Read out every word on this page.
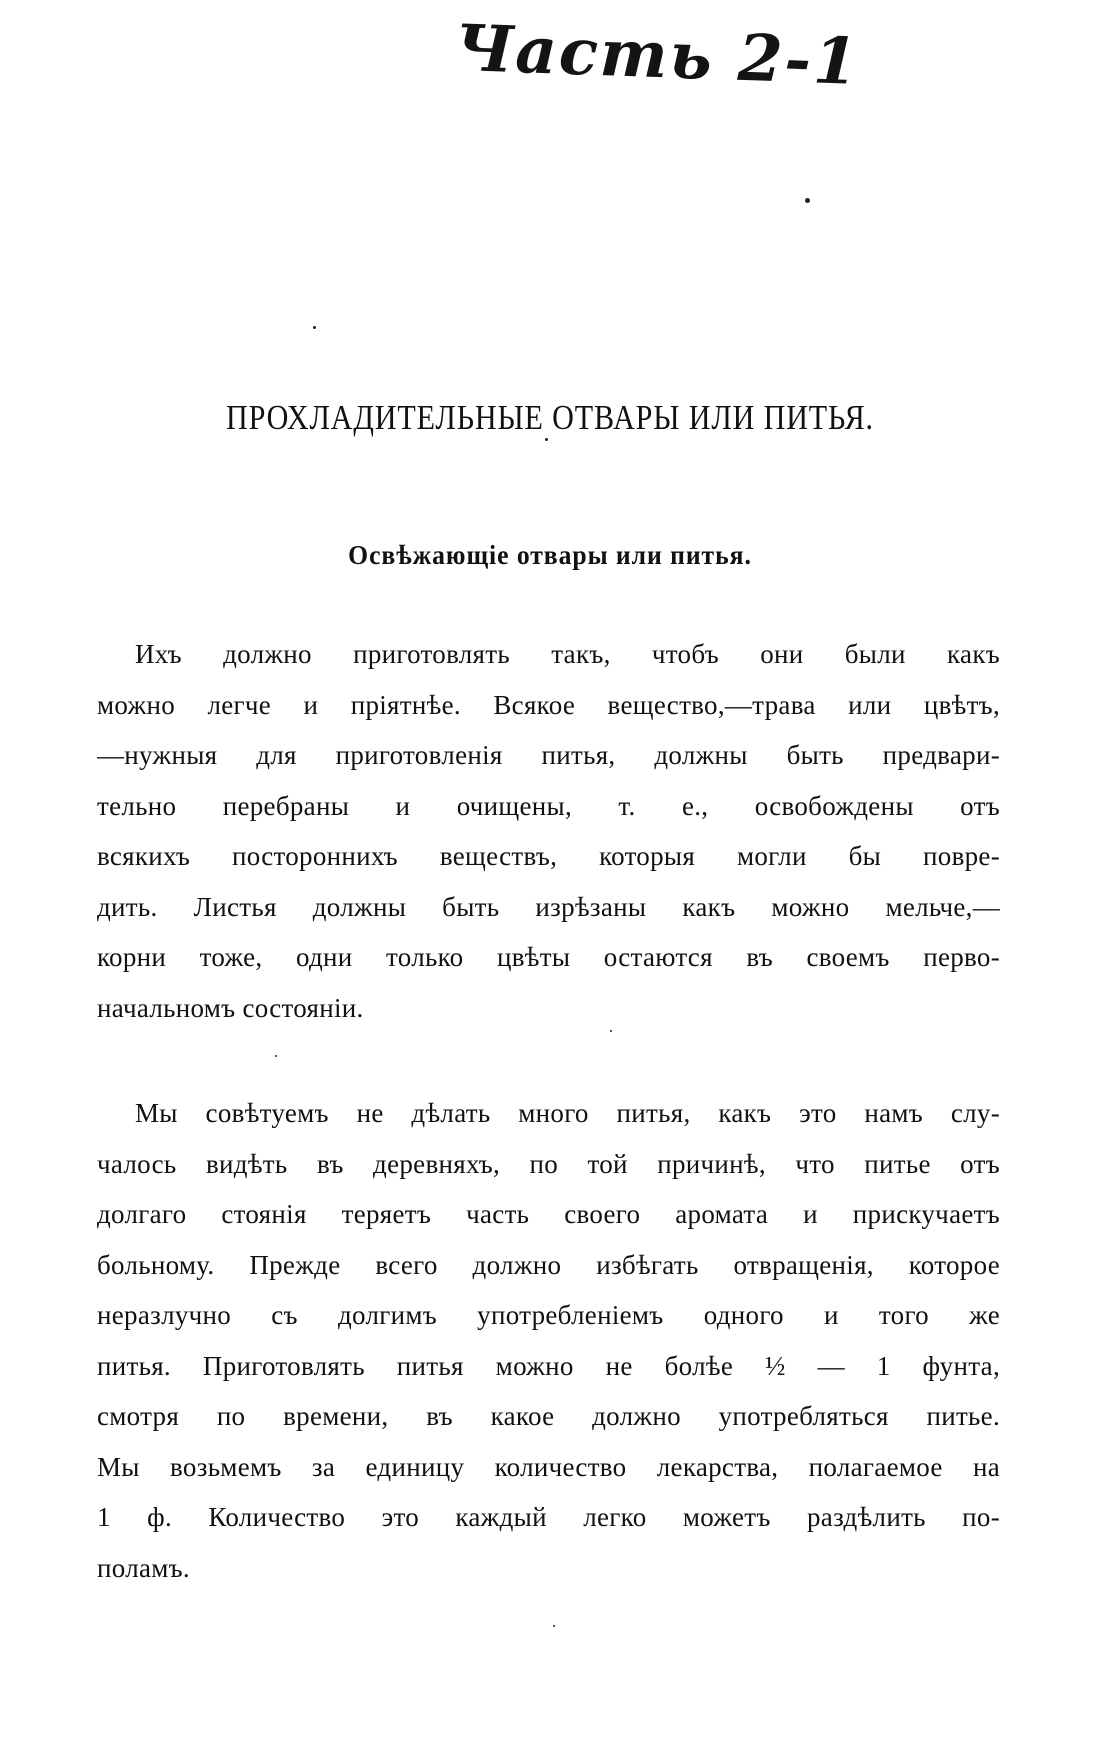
Часть 2-1
ПРОХЛАДИТЕЛЬНЫЕ ОТВАРЫ ИЛИ ПИТЬЯ.
Освѣжающіе отвары или питья.
Ихъ должно приготовлять такъ, чтобъ они были какъ
можно легче и пріятнѣе. Всякое вещество,—трава или цвѣтъ,
—нужныя для приготовленія питья, должны быть предвари-
тельно перебраны и очищены, т. е., освобождены отъ
всякихъ постороннихъ веществъ, которыя могли бы повре-
дить. Листья должны быть изрѣзаны какъ можно мельче,—
корни тоже, одни только цвѣты остаются въ своемъ перво-
начальномъ состояніи.
Мы совѣтуемъ не дѣлать много питья, какъ это намъ слу-
чалось видѣть въ деревняхъ, по той причинѣ, что питье отъ
долгаго стоянія теряетъ часть своего аромата и прискучаетъ
больному. Прежде всего должно избѣгать отвращенія, которое
неразлучно съ долгимъ употребленіемъ одного и того же
питья. Приготовлять питья можно не болѣе ½ — 1 фунта,
смотря по времени, въ какое должно употребляться питье.
Мы возьмемъ за единицу количество лекарства, полагаемое на
1 ф. Количество это каждый легко можетъ раздѣлить по-
поламъ.
